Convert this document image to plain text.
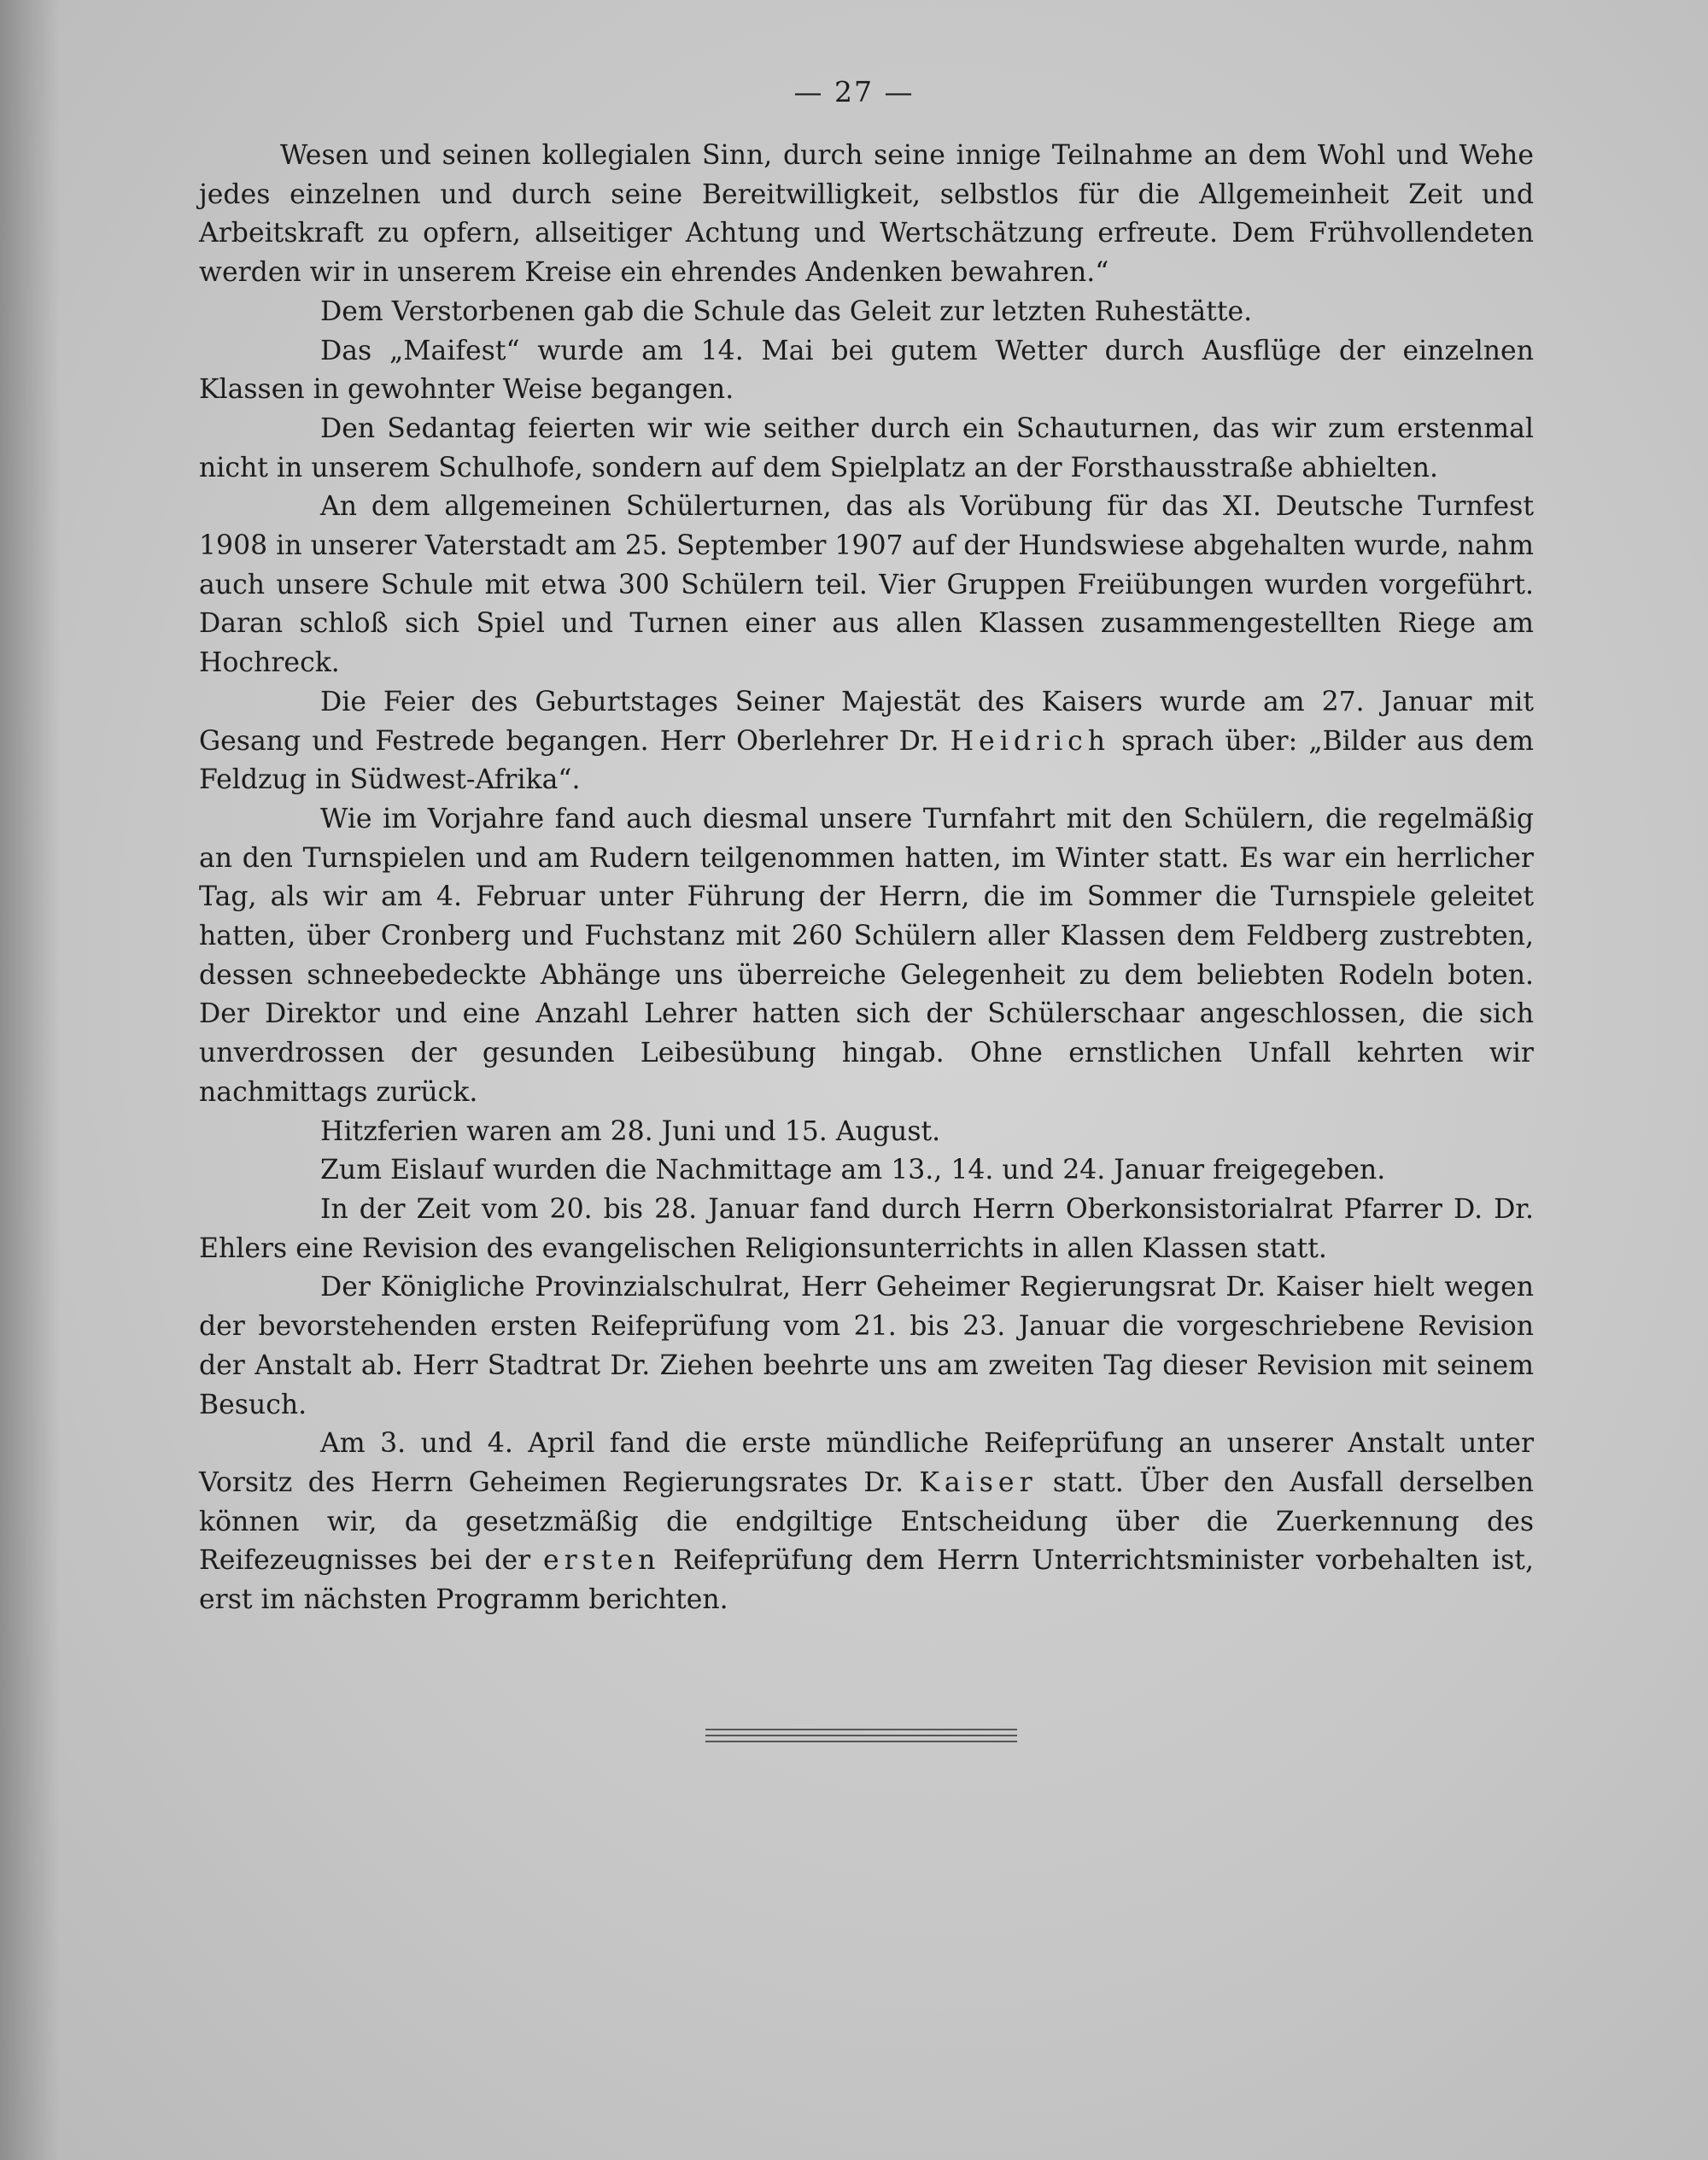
— 27 —

Wesen und seinen kollegialen Sinn, durch seine innige Teilnahme an dem Wohl und Wehe jedes einzelnen und durch seine Bereitwilligkeit, selbstlos für die Allgemeinheit Zeit und Arbeitskraft zu opfern, allseitiger Achtung und Wertschätzung erfreute. Dem Frühvollendeten werden wir in unserem Kreise ein ehrendes Andenken bewahren.“

Dem Verstorbenen gab die Schule das Geleit zur letzten Ruhestätte.

Das „Maifest“ wurde am 14. Mai bei gutem Wetter durch Ausflüge der einzelnen Klassen in gewohnter Weise begangen.

Den Sedantag feierten wir wie seither durch ein Schauturnen, das wir zum erstenmal nicht in unserem Schulhofe, sondern auf dem Spielplatz an der Forsthausstraße abhielten.

An dem allgemeinen Schülerturnen, das als Vorübung für das XI. Deutsche Turnfest 1908 in unserer Vaterstadt am 25. September 1907 auf der Hundswiese abgehalten wurde, nahm auch unsere Schule mit etwa 300 Schülern teil. Vier Gruppen Freiübungen wurden vorgeführt. Daran schloß sich Spiel und Turnen einer aus allen Klassen zusammengestellten Riege am Hochreck.

Die Feier des Geburtstages Seiner Majestät des Kaisers wurde am 27. Januar mit Gesang und Festrede begangen. Herr Oberlehrer Dr. Heidrich sprach über: „Bilder aus dem Feldzug in Südwest-Afrika“.

Wie im Vorjahre fand auch diesmal unsere Turnfahrt mit den Schülern, die regelmäßig an den Turnspielen und am Rudern teilgenommen hatten, im Winter statt. Es war ein herrlicher Tag, als wir am 4. Februar unter Führung der Herrn, die im Sommer die Turnspiele geleitet hatten, über Cronberg und Fuchstanz mit 260 Schülern aller Klassen dem Feldberg zustrebten, dessen schneebedeckte Abhänge uns überreiche Gelegenheit zu dem beliebten Rodeln boten. Der Direktor und eine Anzahl Lehrer hatten sich der Schülerschaar angeschlossen, die sich unverdrossen der gesunden Leibesübung hingab. Ohne ernstlichen Unfall kehrten wir nachmittags zurück.

Hitzferien waren am 28. Juni und 15. August.

Zum Eislauf wurden die Nachmittage am 13., 14. und 24. Januar freigegeben.

In der Zeit vom 20. bis 28. Januar fand durch Herrn Oberkonsistorialrat Pfarrer D. Dr. Ehlers eine Revision des evangelischen Religionsunterrichts in allen Klassen statt.

Der Königliche Provinzialschulrat, Herr Geheimer Regierungsrat Dr. Kaiser hielt wegen der bevorstehenden ersten Reifeprüfung vom 21. bis 23. Januar die vorgeschriebene Revision der Anstalt ab. Herr Stadtrat Dr. Ziehen beehrte uns am zweiten Tag dieser Revision mit seinem Besuch.

Am 3. und 4. April fand die erste mündliche Reifeprüfung an unserer Anstalt unter Vorsitz des Herrn Geheimen Regierungsrates Dr. Kaiser statt. Über den Ausfall derselben können wir, da gesetzmäßig die endgiltige Entscheidung über die Zuerkennung des Reifezeugnisses bei der ersten Reifeprüfung dem Herrn Unterrichtsminister vorbehalten ist, erst im nächsten Programm berichten.
